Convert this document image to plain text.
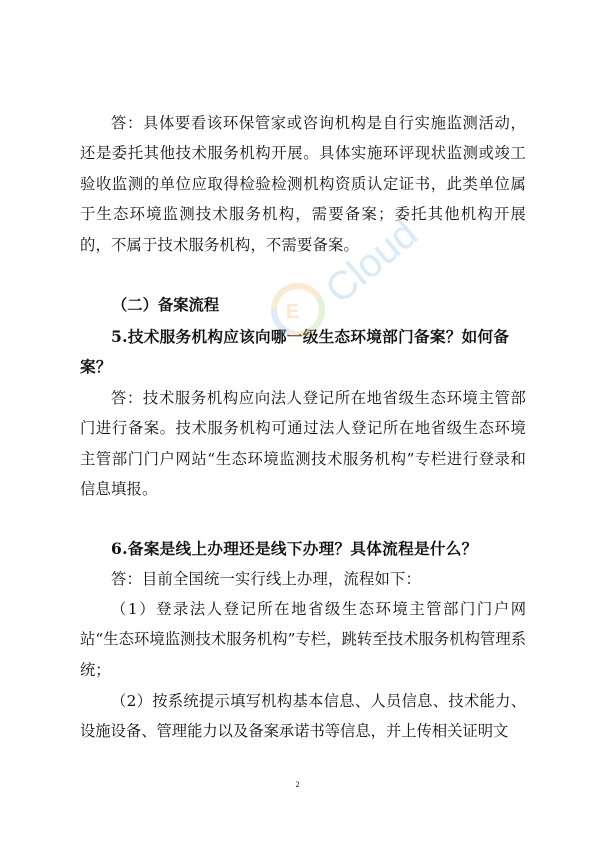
答：具体要看该环保管家或咨询机构是自行实施监测活动，还是委托其他技术服务机构开展。具体实施环评现状监测或竣工验收监测的单位应取得检验检测机构资质认定证书，此类单位属于生态环境监测技术服务机构，需要备案；委托其他机构开展的，不属于技术服务机构，不需要备案。

（二）备案流程

5.技术服务机构应该向哪一级生态环境部门备案？如何备案？

答：技术服务机构应向法人登记所在地省级生态环境主管部门进行备案。技术服务机构可通过法人登记所在地省级生态环境主管部门门户网站“生态环境监测技术服务机构”专栏进行登录和信息填报。

6.备案是线上办理还是线下办理？具体流程是什么？

答：目前全国统一实行线上办理，流程如下：

（1）登录法人登记所在地省级生态环境主管部门门户网站“生态环境监测技术服务机构”专栏，跳转至技术服务机构管理系统；

（2）按系统提示填写机构基本信息、人员信息、技术能力、设施设备、管理能力以及备案承诺书等信息，并上传相关证明文

2
E Cloud
